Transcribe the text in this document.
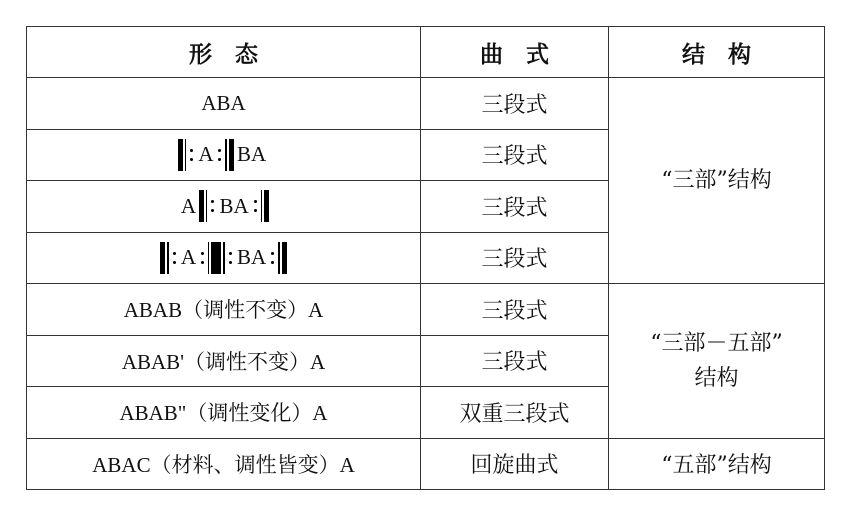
形　态	曲　式	结　构
ABA	三段式	“三部”结构

A BA	三段式	
A BA	三段式	

A BA	三段式	
ABAB（调性不变）A	三段式	“三部－五部”
结构

ABAB'（调性不变）A	三段式	
ABAB"（调性变化）A	双重三段式	
ABAC（材料、调性皆变）A	回旋曲式	“五部”结构
